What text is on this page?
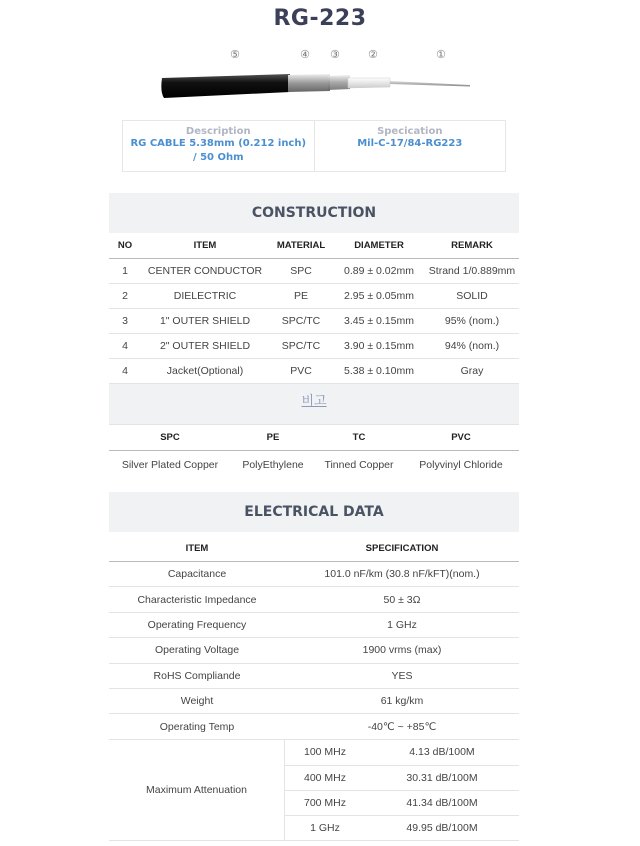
RG-223
⑤	④ ③	②	①
Description
RG CABLE 5.38mm (0.212 inch) / 50 Ohm
Specication
Mil-C-17/84-RG223
CONSTRUCTION
NO	ITEM	MATERIAL	DIAMETER	REMARK
1	CENTER CONDUCTOR	SPC	0.89 ± 0.02mm	Strand 1/0.889mm
2	DIELECTRIC	PE	2.95 ± 0.05mm	SOLID
3	1" OUTER SHIELD	SPC/TC	3.45 ± 0.15mm	95% (nom.)
4	2" OUTER SHIELD	SPC/TC	3.90 ± 0.15mm	94% (nom.)
4	Jacket(Optional)	PVC	5.38 ± 0.10mm	Gray
비고
SPC	PE	TC	PVC
Silver Plated Copper	PolyEthylene	Tinned Copper	Polyvinyl Chloride
ELECTRICAL DATA
ITEM	SPECIFICATION
Capacitance	101.0 nF/km (30.8 nF/kFT)(nom.)
Characteristic Impedance	50 ± 3Ω
Operating Frequency	1 GHz
Operating Voltage	1900 vrms (max)
RoHS Compliande	YES
Weight	61 kg/km
Operating Temp	-40℃ ~ +85℃
Maximum Attenuation
100 MHz	4.13 dB/100M
400 MHz	30.31 dB/100M
700 MHz	41.34 dB/100M
1 GHz	49.95 dB/100M
